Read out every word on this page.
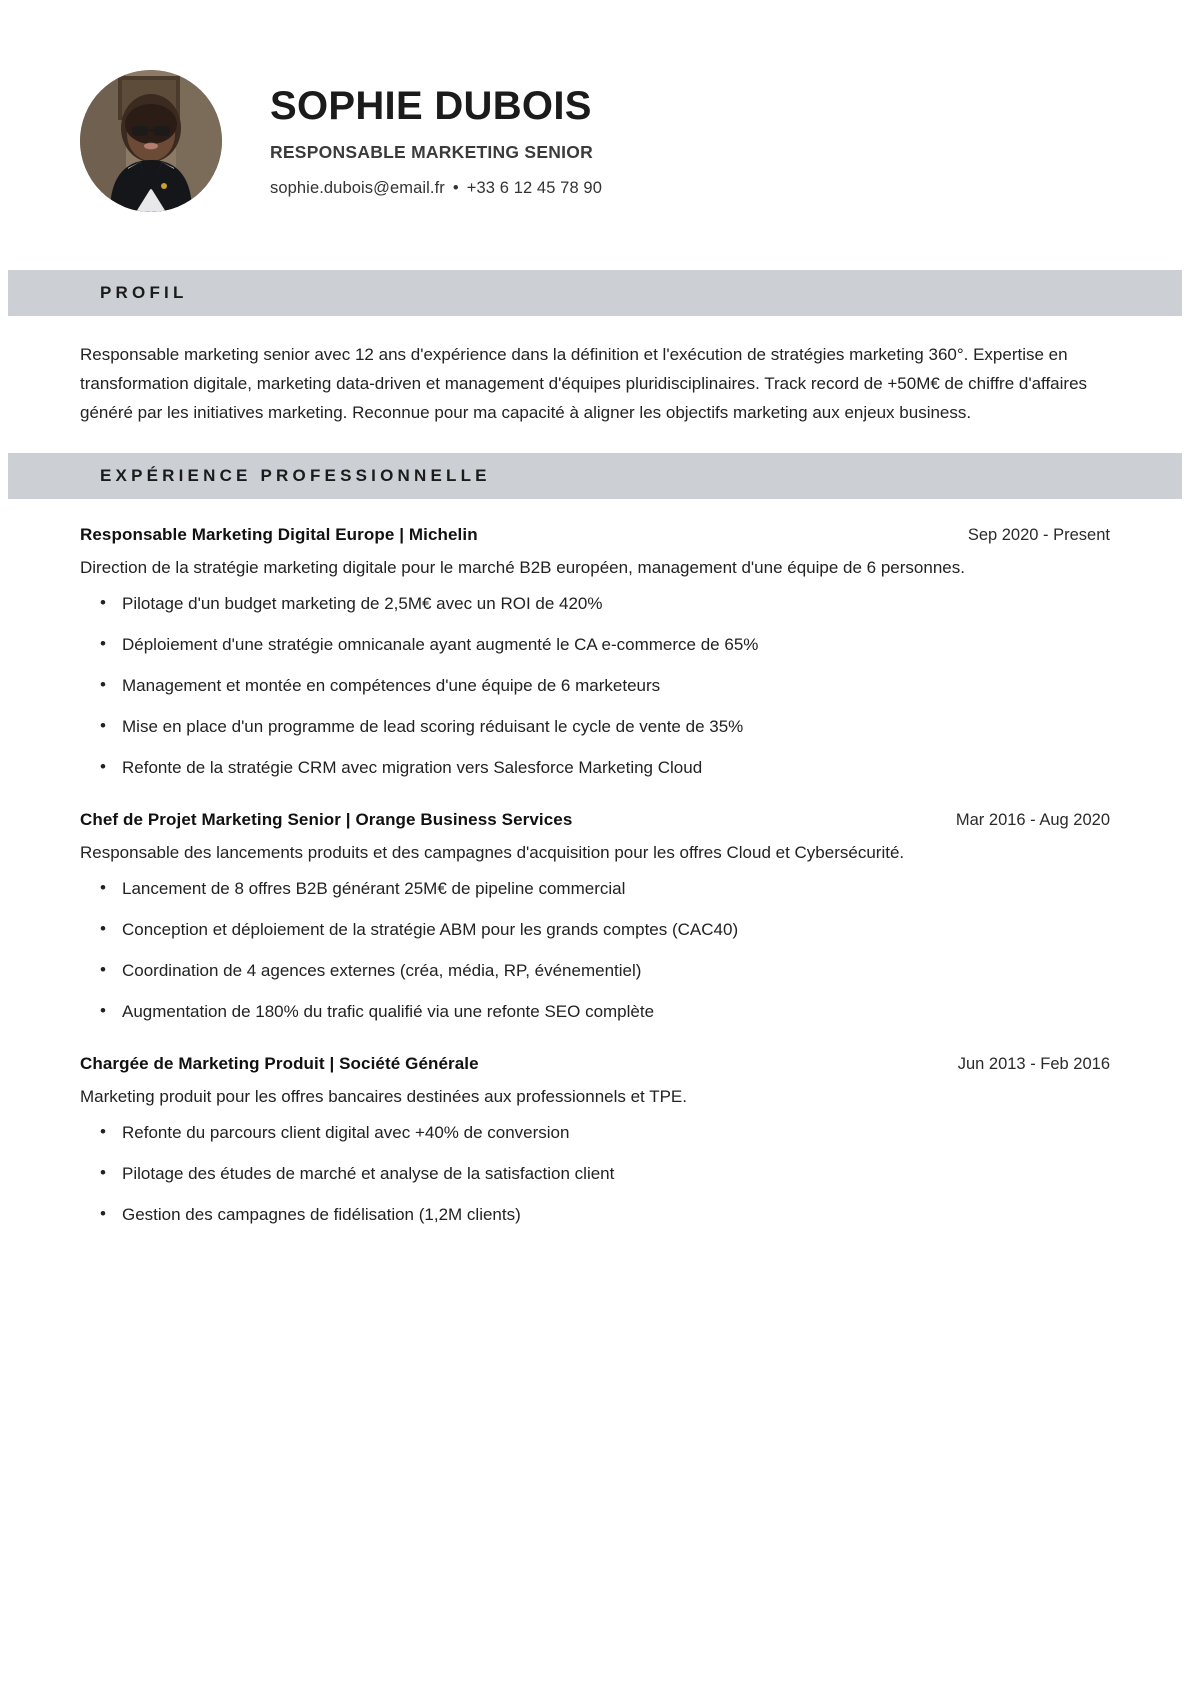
SOPHIE DUBOIS
RESPONSABLE MARKETING SENIOR
sophie.dubois@email.fr • +33 6 12 45 78 90
PROFIL
Responsable marketing senior avec 12 ans d'expérience dans la définition et l'exécution de stratégies marketing 360°. Expertise en transformation digitale, marketing data-driven et management d'équipes pluridisciplinaires. Track record de +50M€ de chiffre d'affaires généré par les initiatives marketing. Reconnue pour ma capacité à aligner les objectifs marketing aux enjeux business.
EXPÉRIENCE PROFESSIONNELLE
Responsable Marketing Digital Europe | Michelin	Sep 2020 - Present
Direction de la stratégie marketing digitale pour le marché B2B européen, management d'une équipe de 6 personnes.
• Pilotage d'un budget marketing de 2,5M€ avec un ROI de 420%
• Déploiement d'une stratégie omnicanale ayant augmenté le CA e-commerce de 65%
• Management et montée en compétences d'une équipe de 6 marketeurs
• Mise en place d'un programme de lead scoring réduisant le cycle de vente de 35%
• Refonte de la stratégie CRM avec migration vers Salesforce Marketing Cloud
Chef de Projet Marketing Senior | Orange Business Services	Mar 2016 - Aug 2020
Responsable des lancements produits et des campagnes d'acquisition pour les offres Cloud et Cybersécurité.
• Lancement de 8 offres B2B générant 25M€ de pipeline commercial
• Conception et déploiement de la stratégie ABM pour les grands comptes (CAC40)
• Coordination de 4 agences externes (créa, média, RP, événementiel)
• Augmentation de 180% du trafic qualifié via une refonte SEO complète
Chargée de Marketing Produit | Société Générale	Jun 2013 - Feb 2016
Marketing produit pour les offres bancaires destinées aux professionnels et TPE.
• Refonte du parcours client digital avec +40% de conversion
• Pilotage des études de marché et analyse de la satisfaction client
• Gestion des campagnes de fidélisation (1,2M clients)
